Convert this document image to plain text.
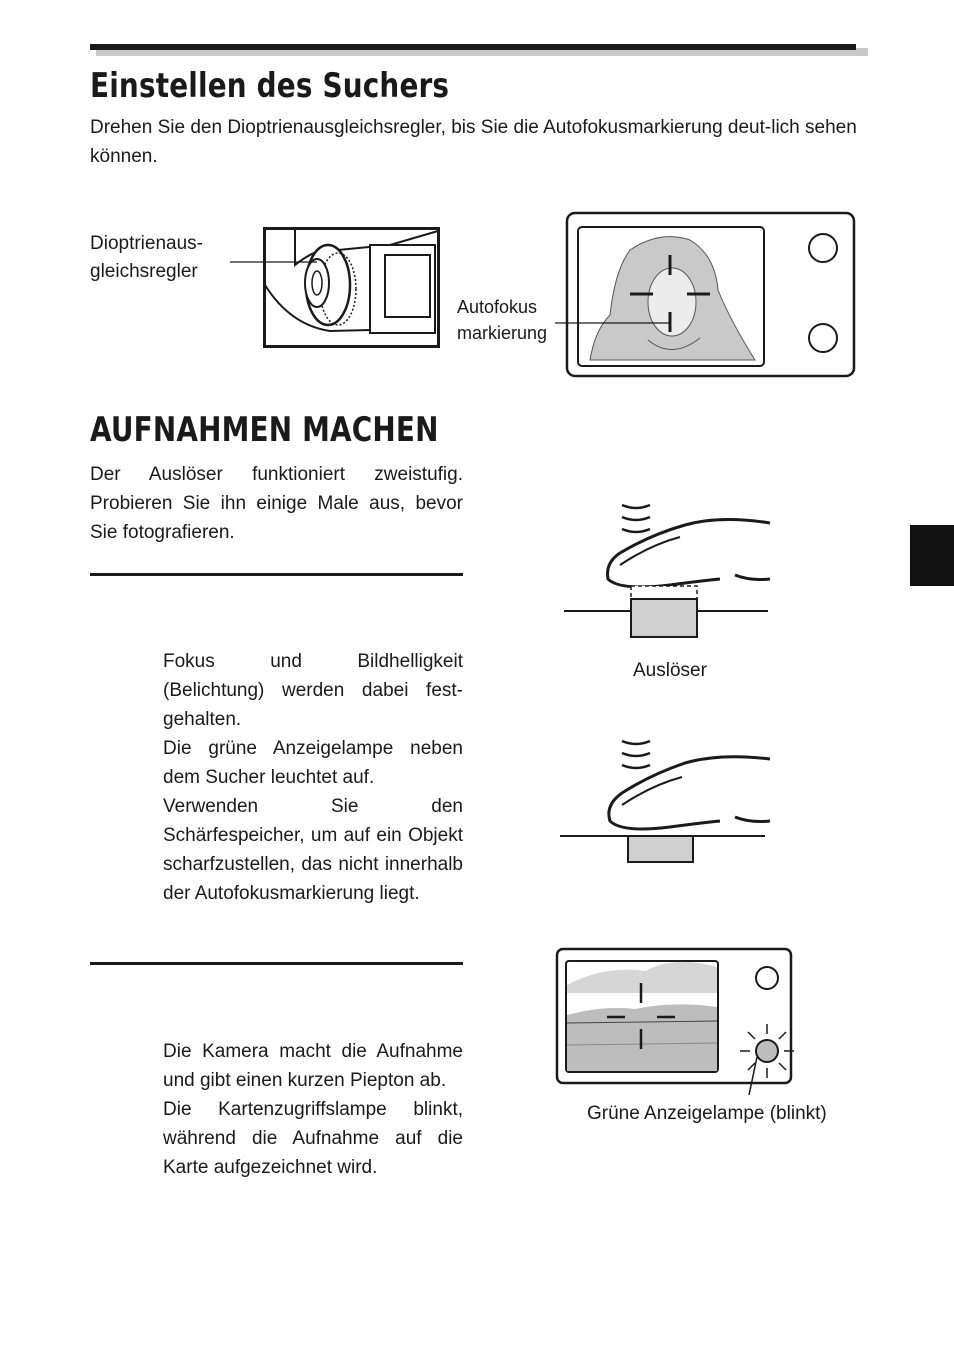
Einstellen des Suchers

Drehen Sie den Dioptrienausgleichsregler, bis Sie die Autofokusmarkierung deut-lich sehen können.

Dioptrienaus-
gleichsregler
Autofokus
markierung
AUFNAHMEN MACHEN

Der Auslöser funktioniert zweistufig. Probieren Sie ihn einige Male aus, bevor Sie fotografieren.

Fokus und Bildhelligkeit (Belichtung) werden dabei fest-gehalten.

Die grüne Anzeigelampe neben dem Sucher leuchtet auf.

Verwenden Sie den Schärfespeicher, um auf ein Objekt scharfzustellen, das nicht innerhalb der Autofokusmarkierung liegt.

Die Kamera macht die Aufnahme und gibt einen kurzen Piepton ab.

Die Kartenzugriffslampe blinkt, während die Aufnahme auf die Karte aufgezeichnet wird.

Auslöser
Grüne Anzeigelampe (blinkt)
